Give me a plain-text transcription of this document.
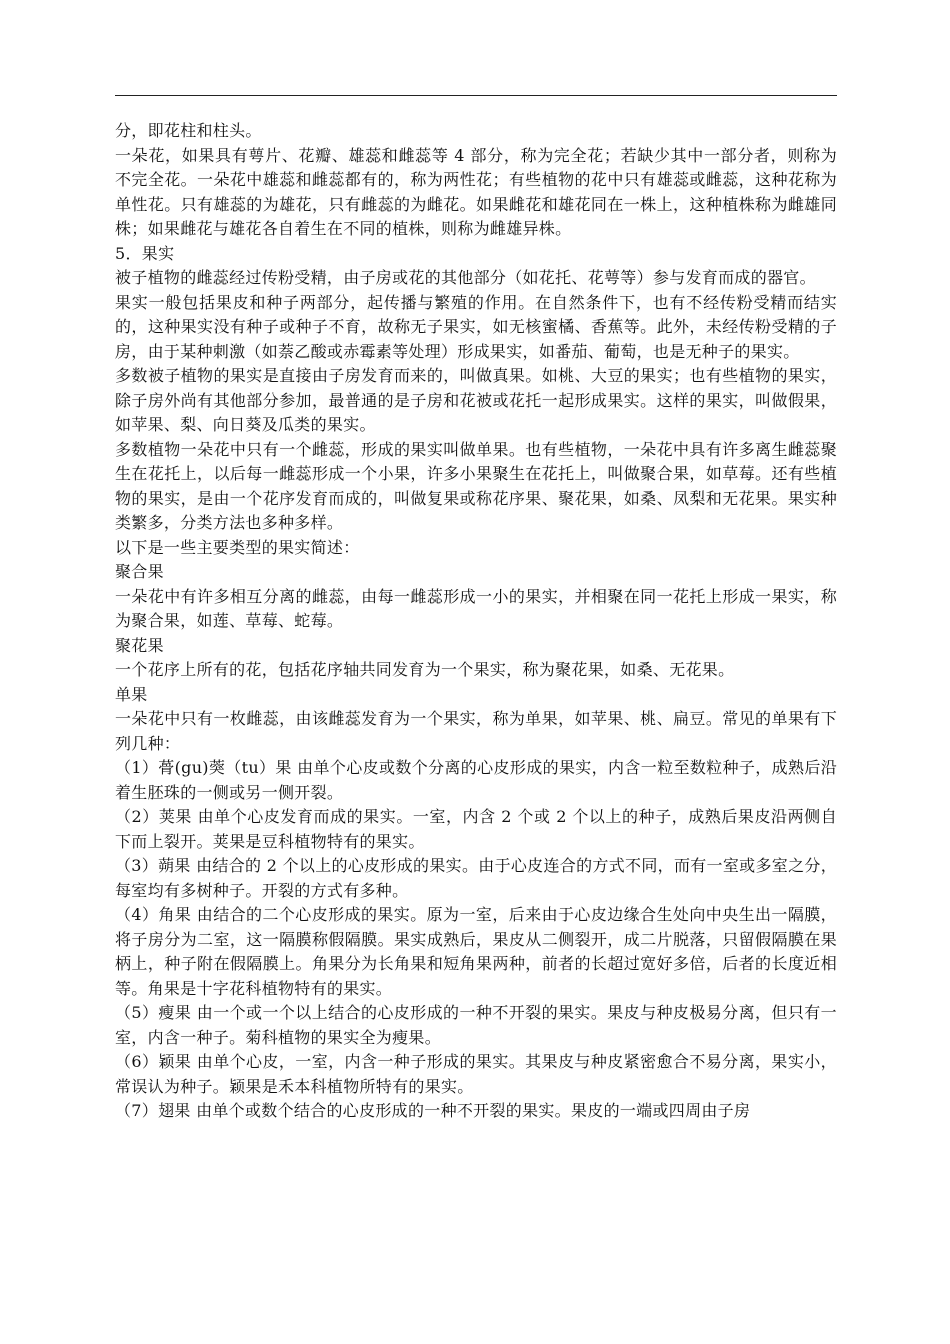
分，即花柱和柱头。

一朵花，如果具有萼片、花瓣、雄蕊和雌蕊等 4 部分，称为完全花；若缺少其中一部分者，则称为不完全花。一朵花中雄蕊和雌蕊都有的，称为两性花；有些植物的花中只有雄蕊或雌蕊，这种花称为单性花。只有雄蕊的为雄花，只有雌蕊的为雌花。如果雌花和雄花同在一株上，这种植株称为雌雄同株；如果雌花与雄花各自着生在不同的植株，则称为雌雄异株。

5．果实

被子植物的雌蕊经过传粉受精，由子房或花的其他部分（如花托、花萼等）参与发育而成的器官。

果实一般包括果皮和种子两部分，起传播与繁殖的作用。在自然条件下，也有不经传粉受精而结实的，这种果实没有种子或种子不育，故称无子果实，如无核蜜橘、香蕉等。此外，未经传粉受精的子房，由于某种刺激（如萘乙酸或赤霉素等处理）形成果实，如番茄、葡萄，也是无种子的果实。

多数被子植物的果实是直接由子房发育而来的，叫做真果。如桃、大豆的果实；也有些植物的果实，除子房外尚有其他部分参加，最普通的是子房和花被或花托一起形成果实。这样的果实，叫做假果，如苹果、梨、向日葵及瓜类的果实。

多数植物一朵花中只有一个雌蕊，形成的果实叫做单果。也有些植物，一朵花中具有许多离生雌蕊聚生在花托上，以后每一雌蕊形成一个小果，许多小果聚生在花托上，叫做聚合果，如草莓。还有些植物的果实，是由一个花序发育而成的，叫做复果或称花序果、聚花果，如桑、凤梨和无花果。果实种类繁多，分类方法也多种多样。

以下是一些主要类型的果实简述：

聚合果

一朵花中有许多相互分离的雌蕊，由每一雌蕊形成一小的果实，并相聚在同一花托上形成一果实，称为聚合果，如莲、草莓、蛇莓。

聚花果

一个花序上所有的花，包括花序轴共同发育为一个果实，称为聚花果，如桑、无花果。

单果

一朵花中只有一枚雌蕊，由该雌蕊发育为一个果实，称为单果，如苹果、桃、扁豆。常见的单果有下列几种：

（1）蓇(gu)葖（tu）果 由单个心皮或数个分离的心皮形成的果实，内含一粒至数粒种子，成熟后沿着生胚珠的一侧或另一侧开裂。

（2）荚果 由单个心皮发育而成的果实。一室，内含 2 个或 2 个以上的种子，成熟后果皮沿两侧自下而上裂开。荚果是豆科植物特有的果实。

（3）蒴果 由结合的 2 个以上的心皮形成的果实。由于心皮连合的方式不同，而有一室或多室之分，每室均有多树种子。开裂的方式有多种。

（4）角果 由结合的二个心皮形成的果实。原为一室，后来由于心皮边缘合生处向中央生出一隔膜，将子房分为二室，这一隔膜称假隔膜。果实成熟后，果皮从二侧裂开，成二片脱落，只留假隔膜在果柄上，种子附在假隔膜上。角果分为长角果和短角果两种，前者的长超过宽好多倍，后者的长度近相等。角果是十字花科植物特有的果实。

（5）瘦果 由一个或一个以上结合的心皮形成的一种不开裂的果实。果皮与种皮极易分离，但只有一室，内含一种子。菊科植物的果实全为瘦果。

（6）颖果 由单个心皮，一室，内含一种子形成的果实。其果皮与种皮紧密愈合不易分离，果实小，常误认为种子。颖果是禾本科植物所特有的果实。

（7）翅果 由单个或数个结合的心皮形成的一种不开裂的果实。果皮的一端或四周由子房
